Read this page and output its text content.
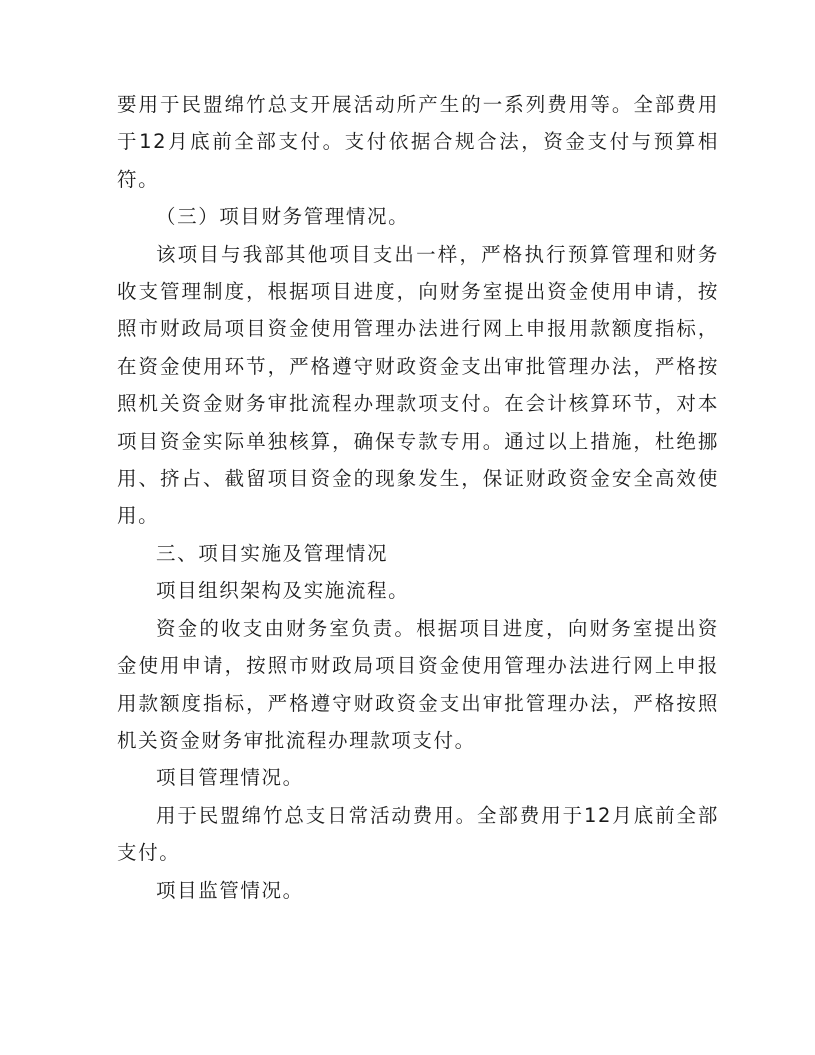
要用于民盟绵竹总支开展活动所产生的一系列费用等。全部费用于12月底前全部支付。支付依据合规合法，资金支付与预算相符。

（三）项目财务管理情况。

该项目与我部其他项目支出一样，严格执行预算管理和财务收支管理制度，根据项目进度，向财务室提出资金使用申请，按照市财政局项目资金使用管理办法进行网上申报用款额度指标，在资金使用环节，严格遵守财政资金支出审批管理办法，严格按照机关资金财务审批流程办理款项支付。在会计核算环节，对本项目资金实际单独核算，确保专款专用。通过以上措施，杜绝挪用、挤占、截留项目资金的现象发生，保证财政资金安全高效使用。

三、项目实施及管理情况

项目组织架构及实施流程。

资金的收支由财务室负责。根据项目进度，向财务室提出资金使用申请，按照市财政局项目资金使用管理办法进行网上申报用款额度指标，严格遵守财政资金支出审批管理办法，严格按照机关资金财务审批流程办理款项支付。

项目管理情况。

用于民盟绵竹总支日常活动费用。全部费用于12月底前全部支付。

项目监管情况。
